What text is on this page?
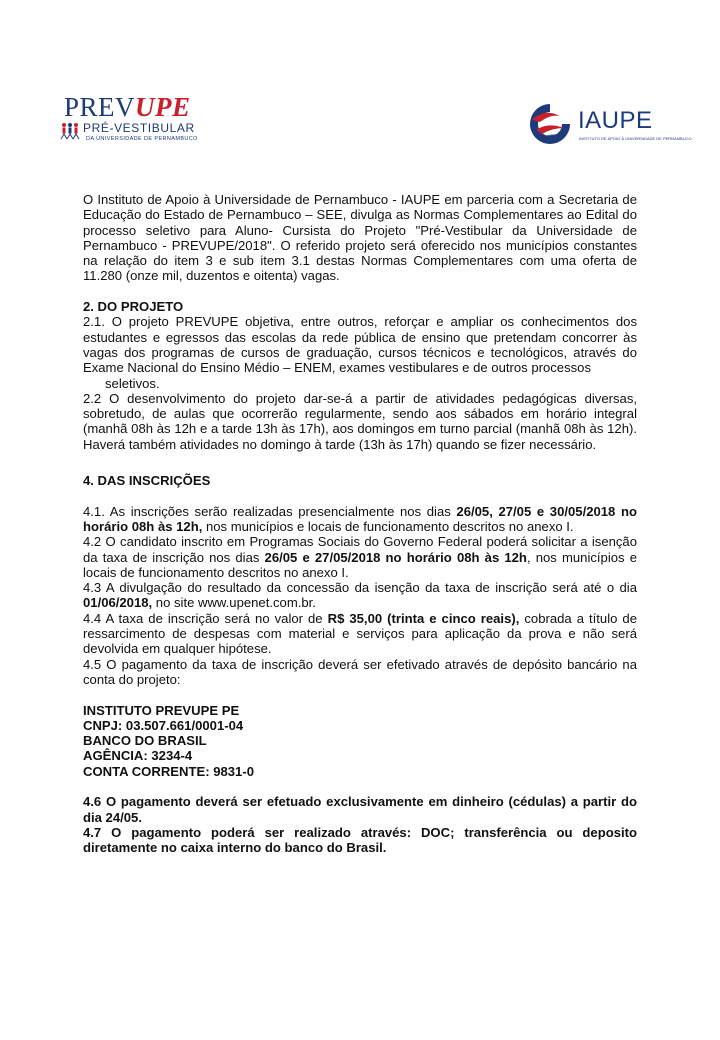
PREVUPE
PRÉ-VESTIBULAR
DA UNIVERSIDADE DE PERNAMBUCO
IAUPE
INSTITUTO DE APOIO À UNIVERSIDADE DE PERNAMBUCO

O Instituto de Apoio à Universidade de Pernambuco - IAUPE em parceria com a Secretaria de Educação do Estado de Pernambuco – SEE, divulga as Normas Complementares ao Edital do processo seletivo para Aluno- Cursista do Projeto "Pré-Vestibular da Universidade de Pernambuco - PREVUPE/2018". O referido projeto será oferecido nos municípios constantes na relação do item 3 e sub item 3.1 destas Normas Complementares com uma oferta de 11.280 (onze mil, duzentos e oitenta) vagas.

2. DO PROJETO

2.1. O projeto PREVUPE objetiva, entre outros, reforçar e ampliar os conhecimentos dos estudantes e egressos das escolas da rede pública de ensino que pretendam concorrer às vagas dos programas de cursos de graduação, cursos técnicos e tecnológicos, através do Exame Nacional do Ensino Médio – ENEM, exames vestibulares e de outros processos
seletivos.

2.2 O desenvolvimento do projeto dar-se-á a partir de atividades pedagógicas diversas, sobretudo, de aulas que ocorrerão regularmente, sendo aos sábados em horário integral (manhã 08h às 12h e a tarde 13h às 17h), aos domingos em turno parcial (manhã 08h às 12h). Haverá também atividades no domingo à tarde (13h às 17h) quando se fizer necessário.

4. DAS INSCRIÇÕES

4.1. As inscrições serão realizadas presencialmente nos dias 26/05, 27/05 e 30/05/2018 no horário 08h às 12h, nos municípios e locais de funcionamento descritos no anexo I.

4.2 O candidato inscrito em Programas Sociais do Governo Federal poderá solicitar a isenção da taxa de inscrição nos dias 26/05 e 27/05/2018 no horário 08h às 12h, nos municípios e locais de funcionamento descritos no anexo I.

4.3 A divulgação do resultado da concessão da isenção da taxa de inscrição será até o dia 01/06/2018, no site www.upenet.com.br.

4.4 A taxa de inscrição será no valor de R$ 35,00 (trinta e cinco reais), cobrada a título de ressarcimento de despesas com material e serviços para aplicação da prova e não será devolvida em qualquer hipótese.

4.5 O pagamento da taxa de inscrição deverá ser efetivado através de depósito bancário na conta do projeto:

INSTITUTO PREVUPE PE
CNPJ: 03.507.661/0001-04
BANCO DO BRASIL
AGÊNCIA: 3234-4
CONTA CORRENTE: 9831-0

4.6 O pagamento deverá ser efetuado exclusivamente em dinheiro (cédulas) a partir do dia 24/05.

4.7 O pagamento poderá ser realizado através: DOC; transferência ou deposito diretamente no caixa interno do banco do Brasil.
